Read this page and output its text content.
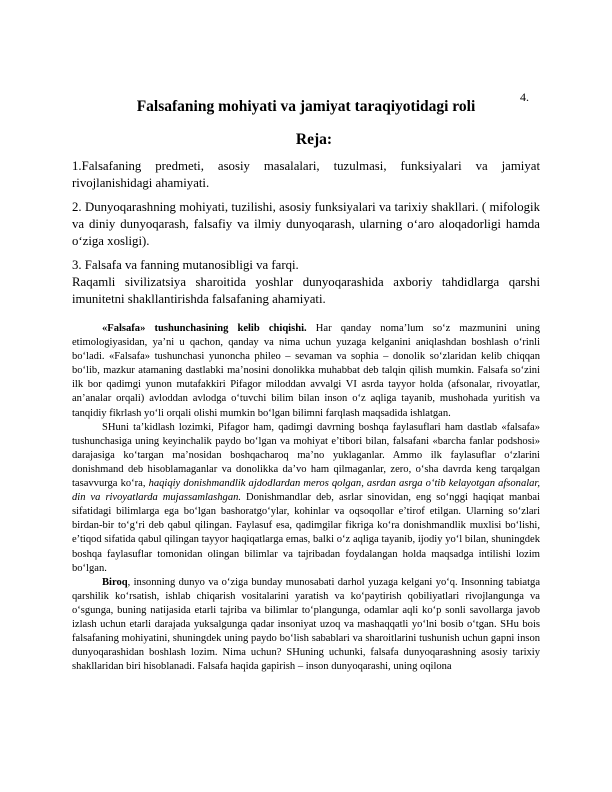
4.
Falsafaning mohiyati va jamiyat taraqiyotidagi roli
Reja:

1.Falsafaning predmeti, asosiy masalalari, tuzulmasi, funksiyalari va jamiyat rivojlanishidagi ahamiyati.

2. Dunyoqarashning mohiyati, tuzilishi, asosiy funksiyalari va tarixiy shakllari. ( mifologik va diniy dunyoqarash, falsafiy va ilmiy dunyoqarash, ularning o‘aro aloqadorligi hamda o‘ziga xosligi).

3. Falsafa va fanning mutanosibligi va farqi.

Raqamli sivilizatsiya sharoitida yoshlar dunyoqarashida axboriy tahdidlarga qarshi imunitetni shakllantirishda falsafaning ahamiyati.

«Falsafa» tushunchasining kelib chiqishi. Har qanday noma’lum so‘z mazmunini uning etimologiyasidan, ya’ni u qachon, qanday va nima uchun yuzaga kelganini aniqlashdan boshlash o‘rinli bo‘ladi. «Falsafa» tushunchasi yunoncha phileo – sevaman va sophia – donolik so‘zlaridan kelib chiqqan bo‘lib, mazkur atamaning dastlabki ma’nosini donolikka muhabbat deb talqin qilish mumkin. Falsafa so‘zini ilk bor qadimgi yunon mutafakkiri Pifagor miloddan avvalgi VI asrda tayyor holda (afsonalar, rivoyatlar, an’analar orqali) avloddan avlodga o‘tuvchi bilim bilan inson o‘z aqliga tayanib, mushohada yuritish va tanqidiy fikrlash yo‘li orqali olishi mumkin bo‘lgan bilimni farqlash maqsadida ishlatgan.

SHuni ta’kidlash lozimki, Pifagor ham, qadimgi davrning boshqa faylasuflari ham dastlab «falsafa» tushunchasiga uning keyinchalik paydo bo‘lgan va mohiyat e’tibori bilan, falsafani «barcha fanlar podshosi» darajasiga ko‘targan ma’nosidan boshqacharoq ma’no yuklaganlar. Ammo ilk faylasuflar o‘zlarini donishmand deb hisoblamaganlar va donolikka da’vo ham qilmaganlar, zero, o‘sha davrda keng tarqalgan tasavvurga ko‘ra, haqiqiy donishmandlik ajdodlardan meros qolgan, asrdan asrga o‘tib kelayotgan afsonalar, din va rivoyatlarda mujassamlashgan. Donishmandlar deb, asrlar sinovidan, eng so‘nggi haqiqat manbai sifatidagi bilimlarga ega bo‘lgan bashoratgo‘ylar, kohinlar va oqsoqollar e’tirof etilgan. Ularning so‘zlari birdan-bir to‘g‘ri deb qabul qilingan. Faylasuf esa, qadimgilar fikriga ko‘ra donishmandlik muxlisi bo‘lishi, e’tiqod sifatida qabul qilingan tayyor haqiqatlarga emas, balki o‘z aqliga tayanib, ijodiy yo‘l bilan, shuningdek boshqa faylasuflar tomonidan olingan bilimlar va tajribadan foydalangan holda maqsadga intilishi lozim bo‘lgan.

Biroq, insonning dunyo va o‘ziga bunday munosabati darhol yuzaga kelgani yo‘q. Insonning tabiatga qarshilik ko‘rsatish, ishlab chiqarish vositalarini yaratish va ko‘paytirish qobiliyatlari rivojlangunga va o‘sgunga, buning natijasida etarli tajriba va bilimlar to‘plangunga, odamlar aqli ko‘p sonli savollarga javob izlash uchun etarli darajada yuksalgunga qadar insoniyat uzoq va mashaqqatli yo‘lni bosib o‘tgan. SHu bois falsafaning mohiyatini, shuningdek uning paydo bo‘lish sabablari va sharoitlarini tushunish uchun gapni inson dunyoqarashidan boshlash lozim. Nima uchun? SHuning uchunki, falsafa dunyoqarashning asosiy tarixiy shakllaridan biri hisoblanadi. Falsafa haqida gapirish – inson dunyoqarashi, uning oqilona
